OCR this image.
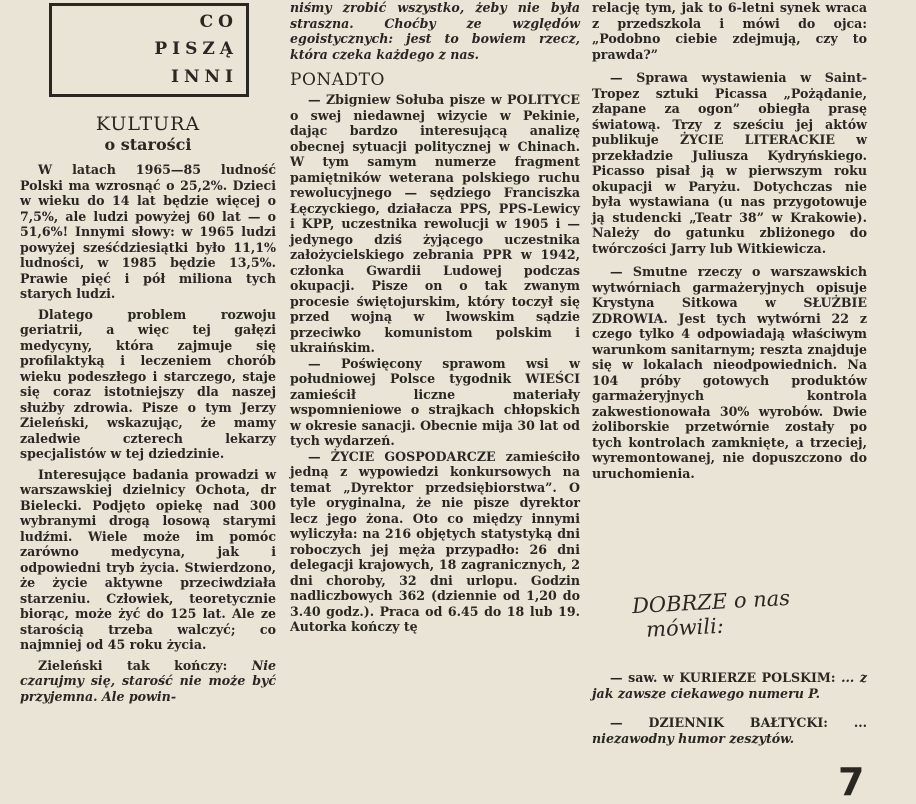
CO
PISZĄ
INNI

KULTURA

o starości

W latach 1965—85 ludność Polski ma wzrosnąć o 25,2%. Dzieci w wieku do 14 lat będzie więcej o 7,5%, ale ludzi powyżej 60 lat — o 51,6%! Innymi słowy: w 1965 ludzi powyżej sześćdziesiątki było 11,1% ludności, w 1985 będzie 13,5%. Prawie pięć i pół miliona tych starych ludzi.

Dlatego problem rozwoju geriatrii, a więc tej gałęzi medycyny, która zajmuje się profilaktyką i leczeniem chorób wieku podeszłego i starczego, staje się coraz istotniejszy dla naszej służby zdrowia. Pisze o tym Jerzy Zieleński, wskazując, że mamy zaledwie czterech lekarzy specjalistów w tej dziedzinie.

Interesujące badania prowadzi w warszawskiej dzielnicy Ochota, dr Bielecki. Podjęto opiekę nad 300 wybranymi drogą losową starymi ludźmi. Wiele może im pomóc zarówno medycyna, jak i odpowiedni tryb życia. Stwierdzono, że życie aktywne przeciwdziała starzeniu. Człowiek, teoretycznie biorąc, może żyć do 125 lat. Ale ze starością trzeba walczyć; co najmniej od 45 roku życia.

Zieleński tak kończy: Nie czarujmy się, starość nie może być przyjemna. Ale powin-

niśmy zrobić wszystko, żeby nie była straszna. Choćby ze względów egoistycznych: jest to bowiem rzecz, która czeka każdego z nas.

PONADTO

— Zbigniew Sołuba pisze w POLITYCE o swej niedawnej wizycie w Pekinie, dając bardzo interesującą analizę obecnej sytuacji politycznej w Chinach. W tym samym numerze fragment pamiętników weterana polskiego ruchu rewolucyjnego — sędziego Franciszka Łęczyckiego, działacza PPS, PPS-Lewicy i KPP, uczestnika rewolucji w 1905 i — jedynego dziś żyjącego uczestnika założycielskiego zebrania PPR w 1942, członka Gwardii Ludowej podczas okupacji. Pisze on o tak zwanym procesie świętojurskim, który toczył się przed wojną w lwowskim sądzie przeciwko komunistom polskim i ukraińskim.

— Poświęcony sprawom wsi w południowej Polsce tygodnik WIEŚCI zamieścił liczne materiały wspomnieniowe o strajkach chłopskich w okresie sanacji. Obecnie mija 30 lat od tych wydarzeń.

— ŻYCIE GOSPODARCZE zamieściło jedną z wypowiedzi konkursowych na temat „Dyrektor przedsiębiorstwa”. O tyle oryginalna, że nie pisze dyrektor lecz jego żona. Oto co między innymi wyliczyła: na 216 objętych statystyką dni roboczych jej męża przypadło: 26 dni delegacji krajowych, 18 zagranicznych, 2 dni choroby, 32 dni urlopu. Godzin nadliczbowych 362 (dziennie od 1,20 do 3.40 godz.). Praca od 6.45 do 18 lub 19. Autorka kończy tę

relację tym, jak to 6-letni synek wraca z przedszkola i mówi do ojca: „Podobno ciebie zdejmują, czy to prawda?”

— Sprawa wystawienia w Saint-Tropez sztuki Picassa „Pożądanie, złapane za ogon” obiegła prasę światową. Trzy z sześciu jej aktów publikuje ŻYCIE LITERACKIE w przekładzie Juliusza Kydryńskiego. Picasso pisał ją w pierwszym roku okupacji w Paryżu. Dotychczas nie była wystawiana (u nas przygotowuje ją studencki „Teatr 38” w Krakowie). Należy do gatunku zbliżonego do twórczości Jarry lub Witkiewicza.

— Smutne rzeczy o warszawskich wytwórniach garmażeryjnych opisuje Krystyna Sitkowa w SŁUŻBIE ZDROWIA. Jest tych wytwórni 22 z czego tylko 4 odpowiadają właściwym warunkom sanitarnym; reszta znajduje się w lokalach nieodpowiednich. Na 104 próby gotowych produktów garmażeryjnych kontrola zakwestionowała 30% wyrobów. Dwie żoliborskie przetwórnie zostały po tych kontrolach zamknięte, a trzeciej, wyremontowanej, nie dopuszczono do uruchomienia.

DOBRZE o nas

mówili:

— saw. w KURIERZE POLSKIM: ... z jak zawsze ciekawego numeru P.

— DZIENNIK BAŁTYCKI: ... niezawodny humor zeszytów.

7
